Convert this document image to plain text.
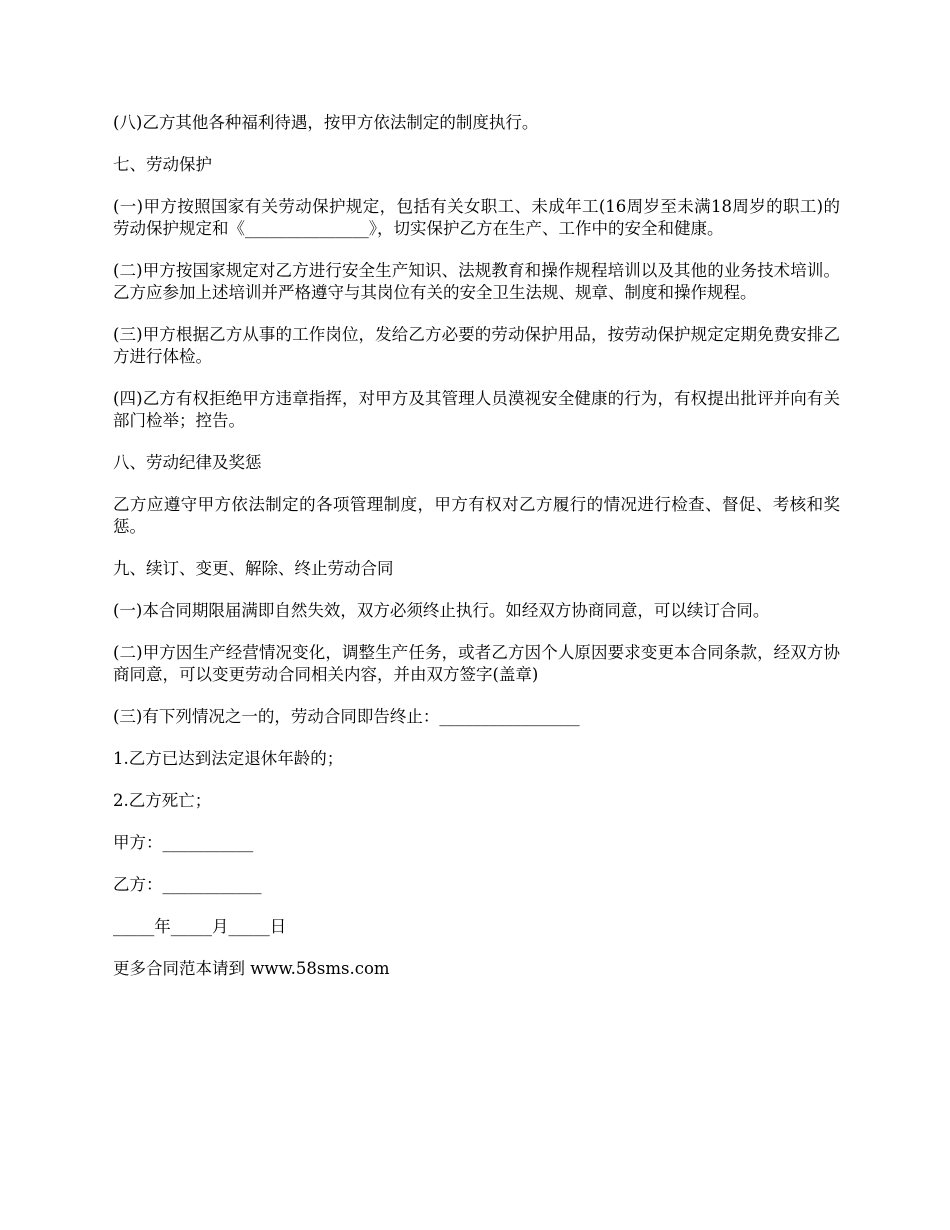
(八)乙方其他各种福利待遇，按甲方依法制定的制度执行。

七、劳动保护

(一)甲方按照国家有关劳动保护规定，包括有关女职工、未成年工(16周岁至未满18周岁的职工)的劳动保护规定和《_______________》，切实保护乙方在生产、工作中的安全和健康。

(二)甲方按国家规定对乙方进行安全生产知识、法规教育和操作规程培训以及其他的业务技术培训。乙方应参加上述培训并严格遵守与其岗位有关的安全卫生法规、规章、制度和操作规程。

(三)甲方根据乙方从事的工作岗位，发给乙方必要的劳动保护用品，按劳动保护规定定期免费安排乙方进行体检。

(四)乙方有权拒绝甲方违章指挥，对甲方及其管理人员漠视安全健康的行为，有权提出批评并向有关部门检举；控告。

八、劳动纪律及奖惩

乙方应遵守甲方依法制定的各项管理制度，甲方有权对乙方履行的情况进行检查、督促、考核和奖惩。

九、续订、变更、解除、终止劳动合同

(一)本合同期限届满即自然失效，双方必须终止执行。如经双方协商同意，可以续订合同。

(二)甲方因生产经营情况变化，调整生产任务，或者乙方因个人原因要求变更本合同条款，经双方协商同意，可以变更劳动合同相关内容，并由双方签字(盖章)

(三)有下列情况之一的，劳动合同即告终止：_________________

1.乙方已达到法定退休年龄的；

2.乙方死亡；

甲方：___________

乙方：____________

_____年_____月_____日

更多合同范本请到 www.58sms.com
